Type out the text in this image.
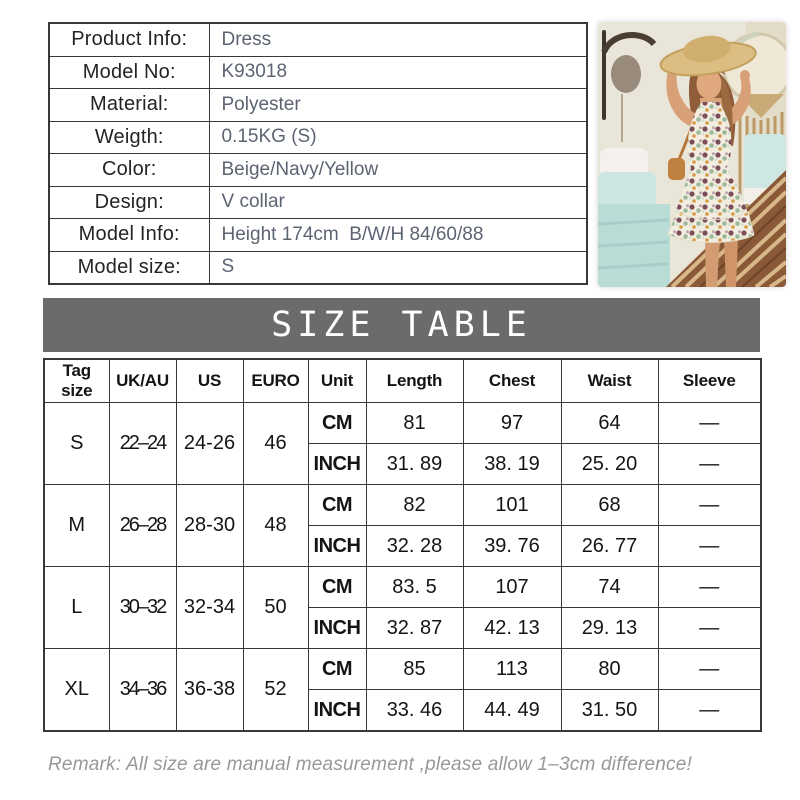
Product Info:	Dress
Model No:	K93018
Material:	Polyester
Weigth:	0.15KG (S)
Color:	Beige/Navy/Yellow
Design:	V collar
Model Info:	Height 174cm  B/W/H 84/60/88
Model size:	S
SIZE TABLE
Tag size	UK/AU	US	EURO	Unit	Length	Chest	Waist	Sleeve
S	22–24	24-26	46	CM	81	97	64	—
				INCH	31. 89	38. 19	25. 20	—
M	26–28	28-30	48	CM	82	101	68	—
				INCH	32. 28	39. 76	26. 77	—
L	30–32	32-34	50	CM	83. 5	107	74	—
				INCH	32. 87	42. 13	29. 13	—
XL	34–36	36-38	52	CM	85	113	80	—
				INCH	33. 46	44. 49	31. 50	—
Remark: All size are manual measurement ,please allow 1–3cm difference!
